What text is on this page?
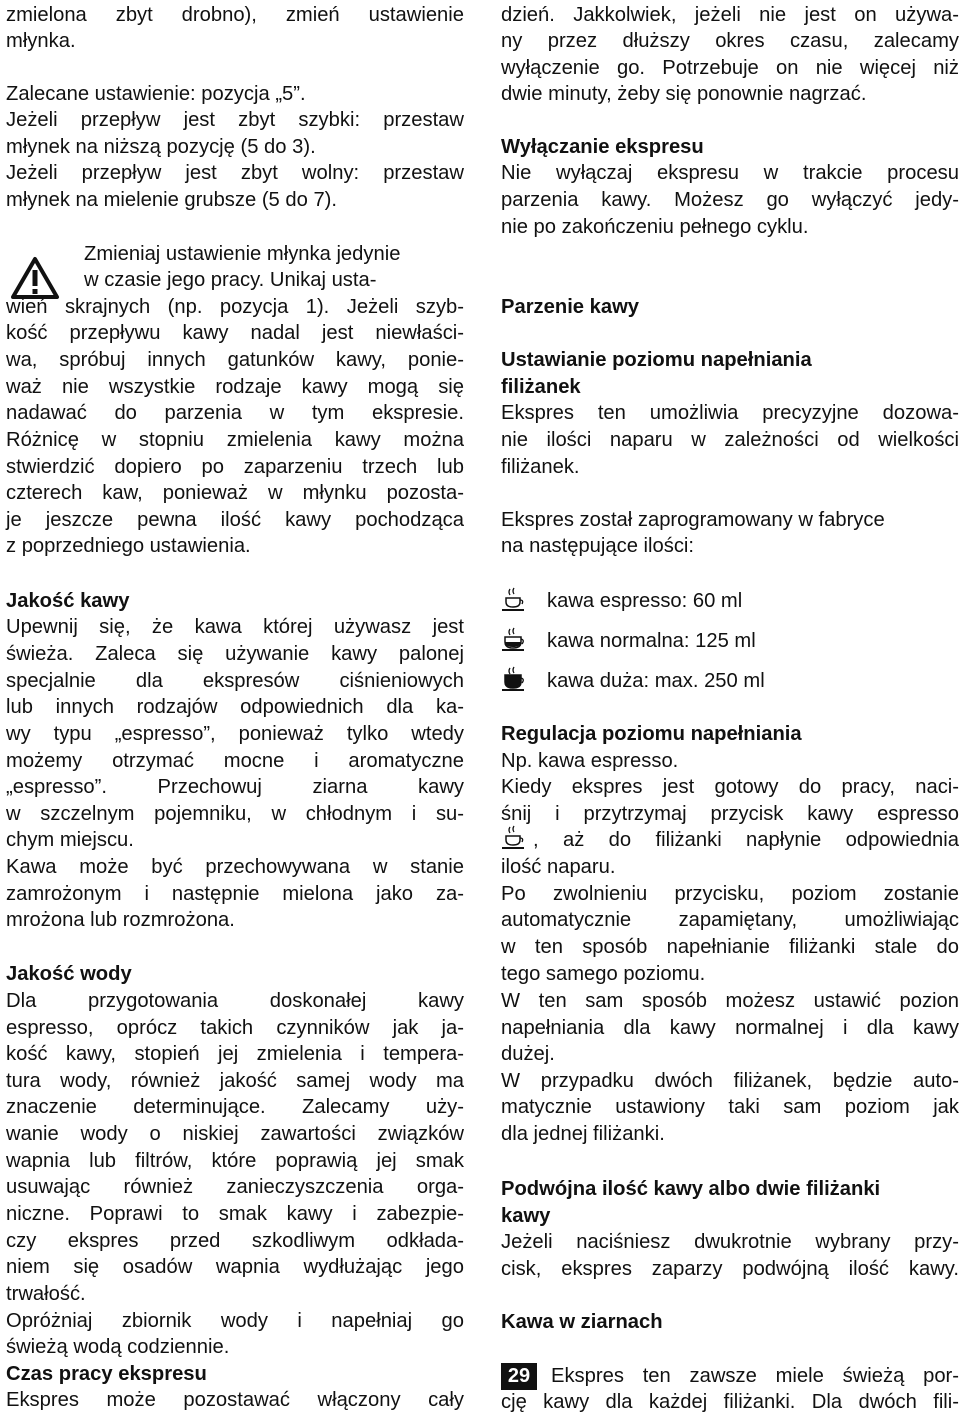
zmielona zbyt drobno), zmień ustawienie
młynka.
Zalecane ustawienie: pozycja „5”.
Jeżeli przepływ jest zbyt szybki: przestaw
młynek na niższą pozycję (5 do 3).
Jeżeli przepływ jest zbyt wolny: przestaw
młynek na mielenie grubsze (5 do 7).
Zmieniaj ustawienie młynka jedynie
w czasie jego pracy. Unikaj usta-
wień skrajnych (np. pozycja 1). Jeżeli szyb-
kość przepływu kawy nadal jest niewłaści-
wa, spróbuj innych gatunków kawy, ponie-
waż nie wszystkie rodzaje kawy mogą się
nadawać do parzenia w tym ekspresie.
Różnicę w stopniu zmielenia kawy można
stwierdzić dopiero po zaparzeniu trzech lub
czterech kaw, ponieważ w młynku pozosta-
je jeszcze pewna ilość kawy pochodząca
z poprzedniego ustawienia.
Jakość kawy
Upewnij się, że kawa której używasz jest
świeża. Zaleca się używanie kawy palonej
specjalnie dla ekspresów ciśnieniowych
lub innych rodzajów odpowiednich dla ka-
wy typu „espresso”, ponieważ tylko wtedy
możemy otrzymać mocne i aromatyczne
„espresso”. Przechowuj ziarna kawy
w szczelnym pojemniku, w chłodnym i su-
chym miejscu.
Kawa może być przechowywana w stanie
zamrożonym i następnie mielona jako za-
mrożona lub rozmrożona.
Jakość wody
Dla przygotowania doskonałej kawy
espresso, oprócz takich czynników jak ja-
kość kawy, stopień jej zmielenia i tempera-
tura wody, również jakość samej wody ma
znaczenie determinujące. Zalecamy uży-
wanie wody o niskiej zawartości związków
wapnia lub filtrów, które poprawią jej smak
usuwając również zanieczyszczenia orga-
niczne. Poprawi to smak kawy i zabezpie-
czy ekspres przed szkodliwym odkłada-
niem się osadów wapnia wydłużając jego
trwałość.
Opróżniaj zbiornik wody i napełniaj go
świeżą wodą codziennie.
Czas pracy ekspresu
Ekspres może pozostawać włączony cały
dzień. Jakkolwiek, jeżeli nie jest on używa-
ny przez dłuższy okres czasu, zalecamy
wyłączenie go. Potrzebuje on nie więcej niż
dwie minuty, żeby się ponownie nagrzać.
Wyłączanie ekspresu
Nie wyłączaj ekspresu w trakcie procesu
parzenia kawy. Możesz go wyłączyć jedy-
nie po zakończeniu pełnego cyklu.
Parzenie kawy
Ustawianie poziomu napełniania
filiżanek
Ekspres ten umożliwia precyzyjne dozowa-
nie ilości naparu w zależności od wielkości
filiżanek.
Ekspres został zaprogramowany w fabryce
na następujące ilości:
kawa espresso: 60 ml
kawa normalna: 125 ml
kawa duża: max. 250 ml
Regulacja poziomu napełniania
Np. kawa espresso.
Kiedy ekspres jest gotowy do pracy, naci-
śnij i przytrzymaj przycisk kawy espresso
, aż do filiżanki napłynie odpowiednia
ilość naparu.
Po zwolnieniu przycisku, poziom zostanie
automatycznie zapamiętany, umożliwiając
w ten sposób napełnianie filiżanki stale do
tego samego poziomu.
W ten sam sposób możesz ustawić pozion
napełniania dla kawy normalnej i dla kawy
dużej.
W przypadku dwóch filiżanek, będzie auto-
matycznie ustawiony taki sam poziom jak
dla jednej filiżanki.
Podwójna ilość kawy albo dwie filiżanki
kawy
Jeżeli naciśniesz dwukrotnie wybrany przy-
cisk, ekspres zaparzy podwójną ilość kawy.
Kawa w ziarnach
29	Ekspres ten zawsze miele świeżą por-
cję kawy dla każdej filiżanki. Dla dwóch fili-
